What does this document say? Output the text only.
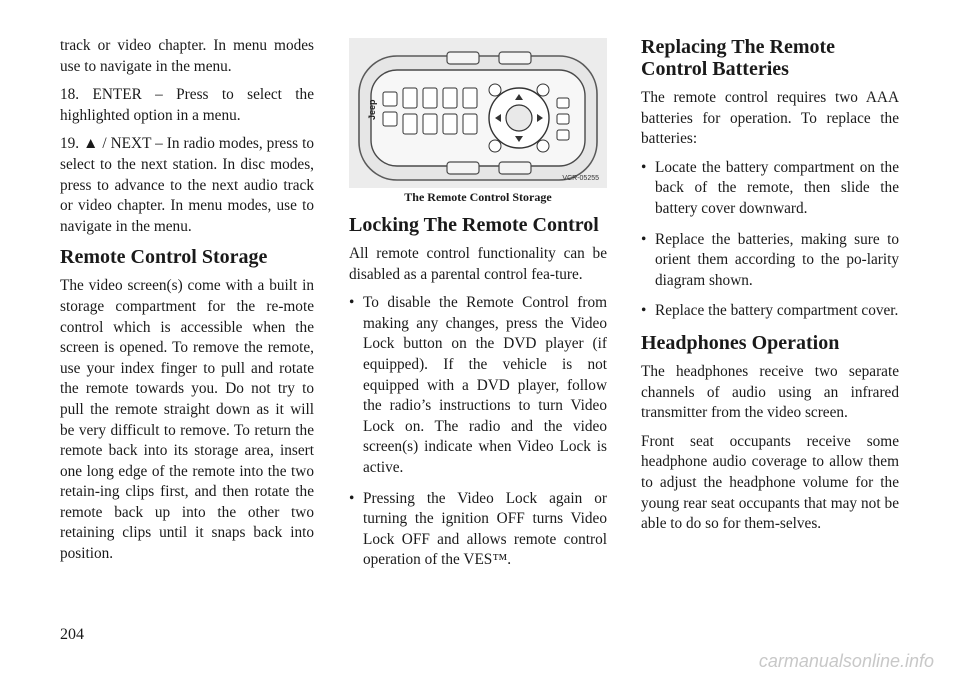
track or video chapter. In menu modes use to navigate in the menu.

18. ENTER – Press to select the highlighted option in a menu.

19. ▲ / NEXT – In radio modes, press to select to the next station. In disc modes, press to advance to the next audio track or video chapter. In menu modes, use to navigate in the menu.

Remote Control Storage

The video screen(s) come with a built in storage compartment for the re-mote control which is accessible when the screen is opened. To remove the remote, use your index finger to pull and rotate the remote towards you. Do not try to pull the remote straight down as it will be very difficult to remove. To return the remote back into its storage area, insert one long edge of the remote into the two retain-ing clips first, and then rotate the remote back up into the other two retaining clips until it snaps back into position.

Jeep
VCR-05255
The Remote Control Storage
Locking The Remote Control

All remote control functionality can be disabled as a parental control fea-ture.

• To disable the Remote Control from making any changes, press the Video Lock button on the DVD player (if equipped). If the vehicle is not equipped with a DVD player, follow the radio’s instructions to turn Video Lock on. The radio and the video screen(s) indicate when Video Lock is active.
• Pressing the Video Lock again or turning the ignition OFF turns Video Lock OFF and allows remote control operation of the VES™.
Replacing The Remote Control Batteries

The remote control requires two AAA batteries for operation. To replace the batteries:

• Locate the battery compartment on the back of the remote, then slide the battery cover downward.
• Replace the batteries, making sure to orient them according to the po-larity diagram shown.
• Replace the battery compartment cover.
Headphones Operation

The headphones receive two separate channels of audio using an infrared transmitter from the video screen.

Front seat occupants receive some headphone audio coverage to allow them to adjust the headphone volume for the young rear seat occupants that may not be able to do so for them-selves.

204
carmanualsonline.info
